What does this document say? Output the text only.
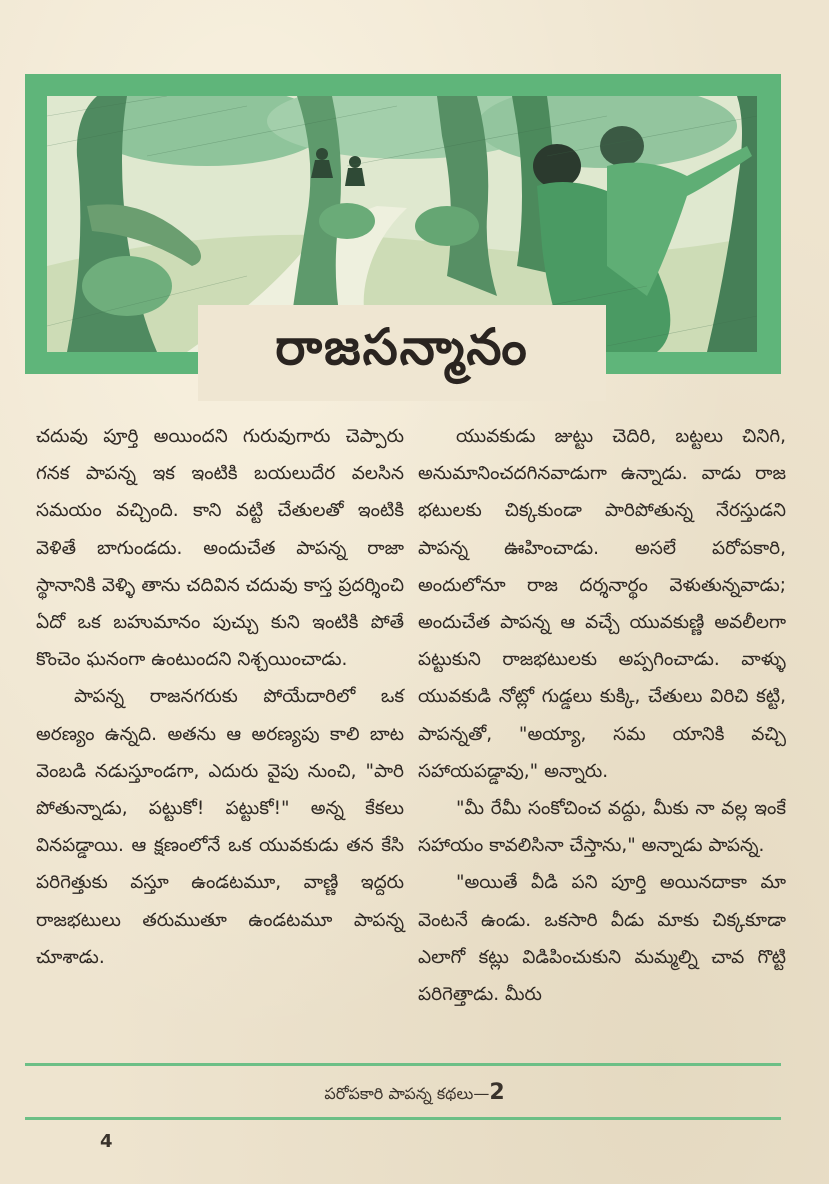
రాజసన్మానం

చదువు పూర్తి అయిందని గురువుగారు చెప్పారు గనక పాపన్న ఇక ఇంటికి బయలుదేర వలసిన సమయం వచ్చింది. కాని వట్టి చేతులతో ఇంటికి వెళితే బాగుండదు. అందుచేత పాపన్న రాజా స్థానానికి వెళ్ళి తాను చదివిన చదువు కాస్త ప్రదర్శించి ఏదో ఒక బహుమానం పుచ్చు కుని ఇంటికి పోతే కొంచెం ఘనంగా ఉంటుందని నిశ్చయించాడు.

పాపన్న రాజనగరుకు పోయేదారిలో ఒక అరణ్యం ఉన్నది. అతను ఆ అరణ్యపు కాలి బాట వెంబడి నడుస్తూండగా, ఎదురు వైపు నుంచి, "పారి పోతున్నాడు, పట్టుకో! పట్టుకో!" అన్న కేకలు వినపడ్డాయి. ఆ క్షణంలోనే ఒక యువకుడు తన కేసి పరిగెత్తుకు వస్తూ ఉండటమూ, వాణ్ణి ఇద్దరు రాజభటులు తరుముతూ ఉండటమూ పాపన్న చూశాడు.

యువకుడు జుట్టు చెదిరి, బట్టలు చినిగి, అనుమానించదగినవాడుగా ఉన్నాడు. వాడు రాజ భటులకు చిక్కకుండా పారిపోతున్న నేరస్తుడని పాపన్న ఊహించాడు. అసలే పరోపకారి, అందులోనూ రాజ దర్శనార్థం వెళుతున్నవాడు; అందుచేత పాపన్న ఆ వచ్చే యువకుణ్ణి అవలీలగా పట్టుకుని రాజభటులకు అప్పగించాడు. వాళ్ళు యువకుడి నోట్లో గుడ్డలు కుక్కి, చేతులు విరిచి కట్టి, పాపన్నతో, "అయ్యా, సమ యానికి వచ్చి సహాయపడ్డావు," అన్నారు.

"మీ రేమీ సంకోచించ వద్దు, మీకు నా వల్ల ఇంకే సహాయం కావలిసినా చేస్తాను," అన్నాడు పాపన్న.

"అయితే వీడి పని పూర్తి అయినదాకా మా వెంటనే ఉండు. ఒకసారి వీడు మాకు చిక్కకూడా ఎలాగో కట్లు విడిపించుకుని మమ్మల్ని చావ గొట్టి పరిగెత్తాడు. మీరు

పరోపకారి పాపన్న కథలు—2
4
